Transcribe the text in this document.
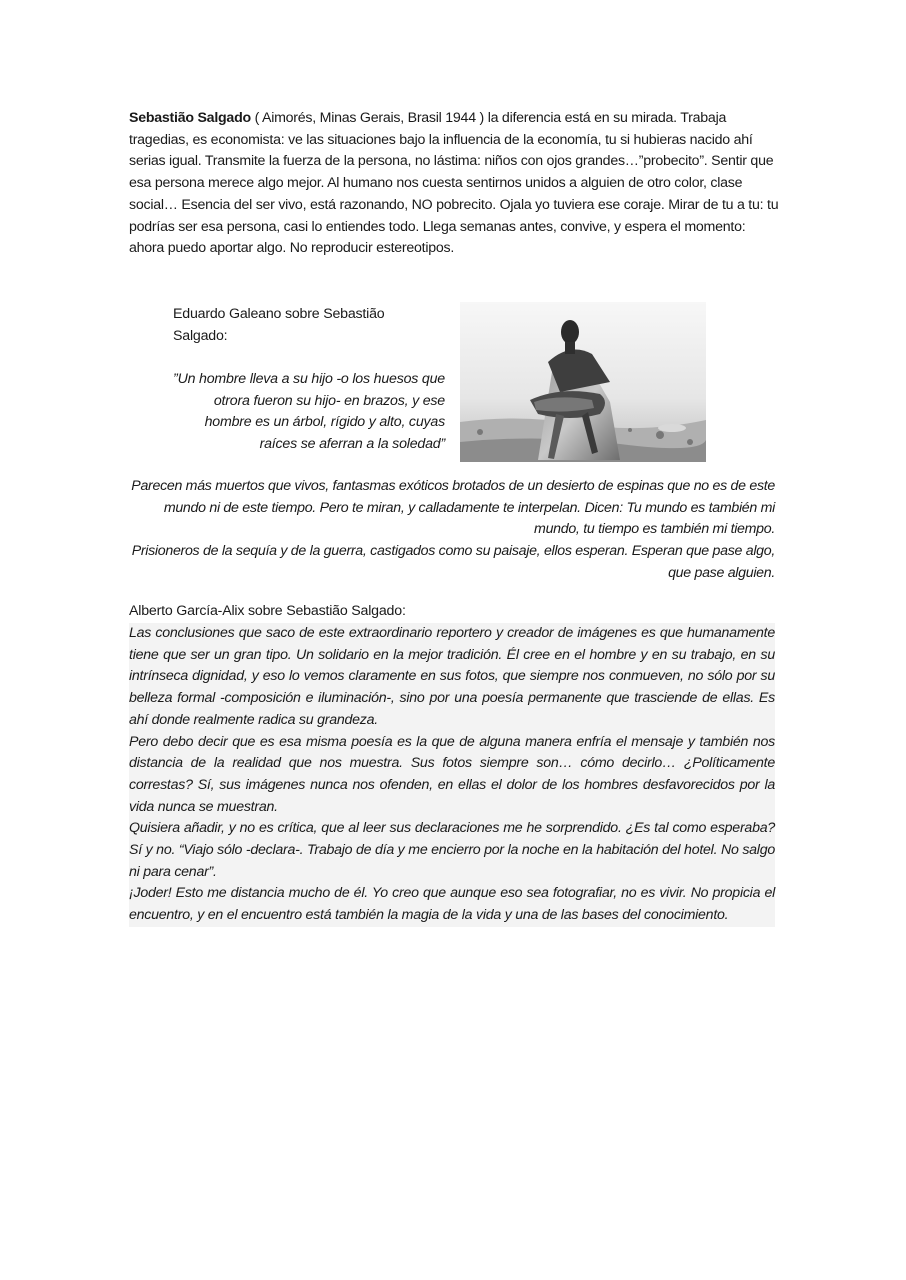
Sebastião Salgado ( Aimorés, Minas Gerais, Brasil 1944 ) la diferencia está en su mirada. Trabaja tragedias, es economista: ve las situaciones bajo la influencia de la economía, tu si hubieras nacido ahí serias igual. Transmite la fuerza de la persona, no lástima: niños con ojos grandes…”probecito”. Sentir que esa persona merece algo mejor. Al humano nos cuesta sentirnos unidos a alguien de otro color, clase social… Esencia del ser vivo, está razonando, NO pobrecito. Ojala yo tuviera ese coraje. Mirar de tu a tu: tu podrías ser esa persona, casi lo entiendes todo. Llega semanas antes, convive, y espera el momento: ahora puedo aportar algo. No reproducir estereotipos.

Eduardo Galeano sobre Sebastião Salgado:

”Un hombre lleva a su hijo -o los huesos que otrora fueron su hijo- en brazos, y ese hombre es un árbol, rígido y alto, cuyas raíces se aferran a la soledad”

Parecen más muertos que vivos, fantasmas exóticos brotados de un desierto de espinas que no es de este mundo ni de este tiempo. Pero te miran, y calladamente te interpelan. Dicen: Tu mundo es también mi mundo, tu tiempo es también mi tiempo.

Prisioneros de la sequía y de la guerra, castigados como su paisaje, ellos esperan. Esperan que pase algo, que pase alguien.

Alberto García-Alix sobre Sebastião Salgado:

Las conclusiones que saco de este extraordinario reportero y creador de imágenes es que humanamente tiene que ser un gran tipo. Un solidario en la mejor tradición. Él cree en el hombre y en su trabajo, en su intrínseca dignidad, y eso lo vemos claramente en sus fotos, que siempre nos conmueven, no sólo por su belleza formal -composición e iluminación-, sino por una poesía permanente que trasciende de ellas. Es ahí donde realmente radica su grandeza.

Pero debo decir que es esa misma poesía es la que de alguna manera enfría el mensaje y también nos distancia de la realidad que nos muestra. Sus fotos siempre son… cómo decirlo… ¿Políticamente correstas? Sí, sus imágenes nunca nos ofenden, en ellas el dolor de los hombres desfavorecidos por la vida nunca se muestran.

Quisiera añadir, y no es crítica, que al leer sus declaraciones me he sorprendido. ¿Es tal como esperaba? Sí y no. “Viajo sólo -declara-. Trabajo de día y me encierro por la noche en la habitación del hotel. No salgo ni para cenar”.

¡Joder! Esto me distancia mucho de él. Yo creo que aunque eso sea fotografiar, no es vivir. No propicia el encuentro, y en el encuentro está también la magia de la vida y una de las bases del conocimiento.
